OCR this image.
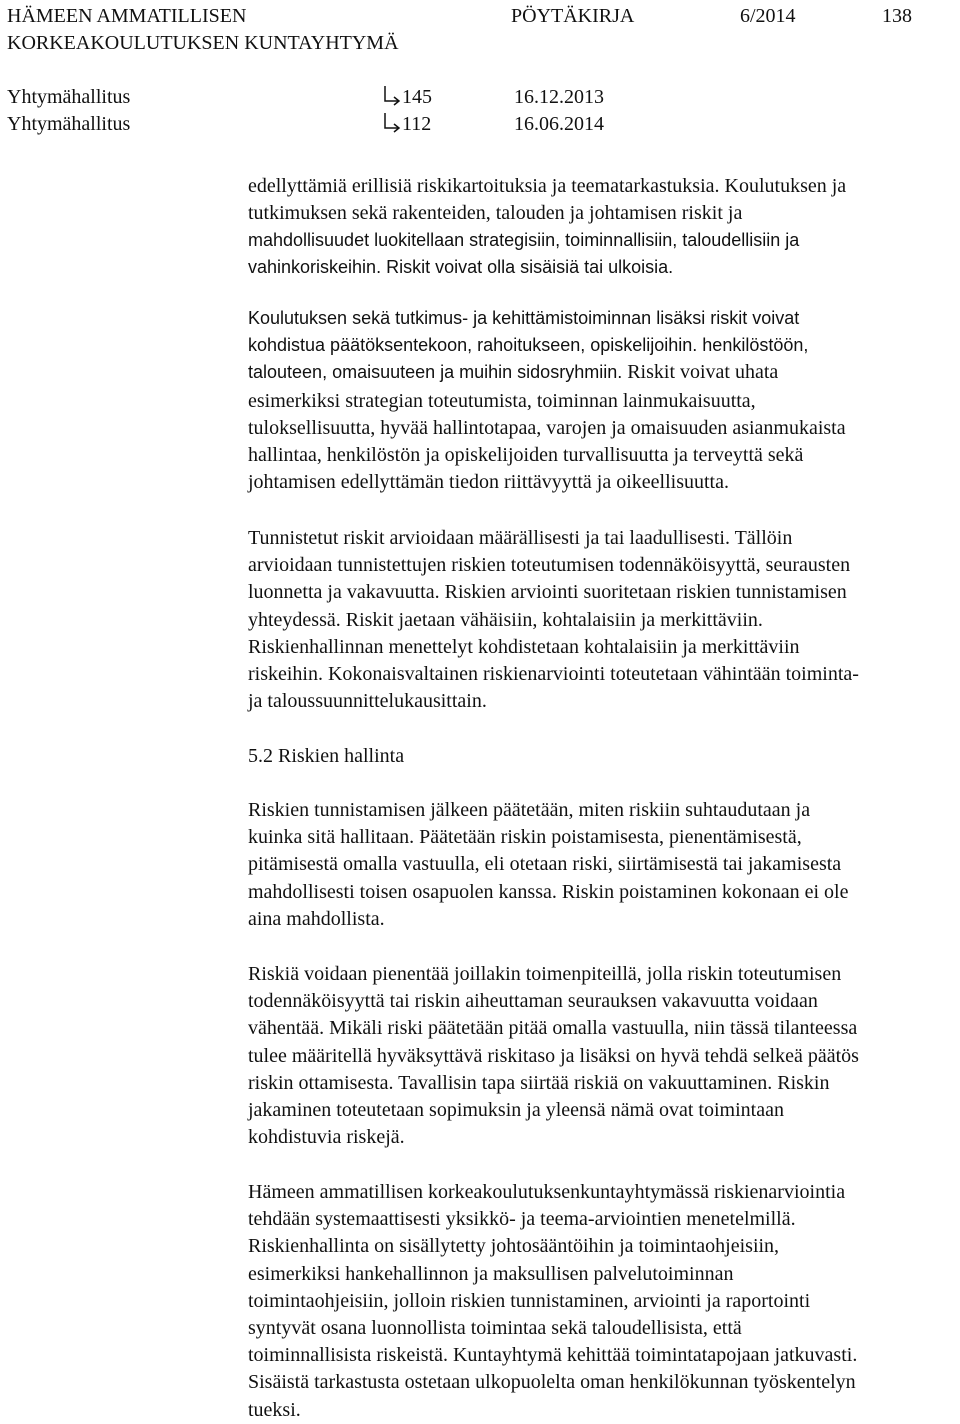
HÄMEEN AMMATILLISEN
KORKEAKOULUTUKSEN KUNTAYHTYMÄ
PÖYTÄKIRJA	6/2014	138
Yhtymähallitus	145	16.12.2013
Yhtymähallitus	112	16.06.2014

edellyttämiä erillisiä riskikartoituksia ja teematarkastuksia. Koulutuksen ja

tutkimuksen sekä rakenteiden, talouden ja johtamisen riskit ja

mahdollisuudet luokitellaan strategisiin, toiminnallisiin, taloudellisiin ja

vahinkoriskeihin. Riskit voivat olla sisäisiä tai ulkoisia.

Koulutuksen sekä tutkimus- ja kehittämistoiminnan lisäksi riskit voivat

kohdistua päätöksentekoon, rahoitukseen, opiskelijoihin. henkilöstöön,

talouteen, omaisuuteen ja muihin sidosryhmiin. Riskit voivat uhata

esimerkiksi strategian toteutumista, toiminnan lainmukaisuutta,

tuloksellisuutta, hyvää hallintotapaa, varojen ja omaisuuden asianmukaista

hallintaa, henkilöstön ja opiskelijoiden turvallisuutta ja terveyttä sekä

johtamisen edellyttämän tiedon riittävyyttä ja oikeellisuutta.

Tunnistetut riskit arvioidaan määrällisesti ja tai laadullisesti. Tällöin

arvioidaan tunnistettujen riskien toteutumisen todennäköisyyttä, seurausten

luonnetta ja vakavuutta. Riskien arviointi suoritetaan riskien tunnistamisen

yhteydessä. Riskit jaetaan vähäisiin, kohtalaisiin ja merkittäviin.

Riskienhallinnan menettelyt kohdistetaan kohtalaisiin ja merkittäviin

riskeihin. Kokonaisvaltainen riskienarviointi toteutetaan vähintään toiminta-

ja taloussuunnittelukausittain.

5.2 Riskien hallinta

Riskien tunnistamisen jälkeen päätetään, miten riskiin suhtaudutaan ja

kuinka sitä hallitaan. Päätetään riskin poistamisesta, pienentämisestä,

pitämisestä omalla vastuulla, eli otetaan riski, siirtämisestä tai jakamisesta

mahdollisesti toisen osapuolen kanssa. Riskin poistaminen kokonaan ei ole

aina mahdollista.

Riskiä voidaan pienentää joillakin toimenpiteillä, jolla riskin toteutumisen

todennäköisyyttä tai riskin aiheuttaman seurauksen vakavuutta voidaan

vähentää. Mikäli riski päätetään pitää omalla vastuulla, niin tässä tilanteessa

tulee määritellä hyväksyttävä riskitaso ja lisäksi on hyvä tehdä selkeä päätös

riskin ottamisesta. Tavallisin tapa siirtää riskiä on vakuuttaminen. Riskin

jakaminen toteutetaan sopimuksin ja yleensä nämä ovat toimintaan

kohdistuvia riskejä.

Hämeen ammatillisen korkeakoulutuksenkuntayhtymässä riskienarviointia

tehdään systemaattisesti yksikkö- ja teema-arviointien menetelmillä.

Riskienhallinta on sisällytetty johtosääntöihin ja toimintaohjeisiin,

esimerkiksi hankehallinnon ja maksullisen palvelutoiminnan

toimintaohjeisiin, jolloin riskien tunnistaminen, arviointi ja raportointi

syntyvät osana luonnollista toimintaa sekä taloudellisista, että

toiminnallisista riskeistä. Kuntayhtymä kehittää toimintatapojaan jatkuvasti.

Sisäistä tarkastusta ostetaan ulkopuolelta oman henkilökunnan työskentelyn

tueksi.
